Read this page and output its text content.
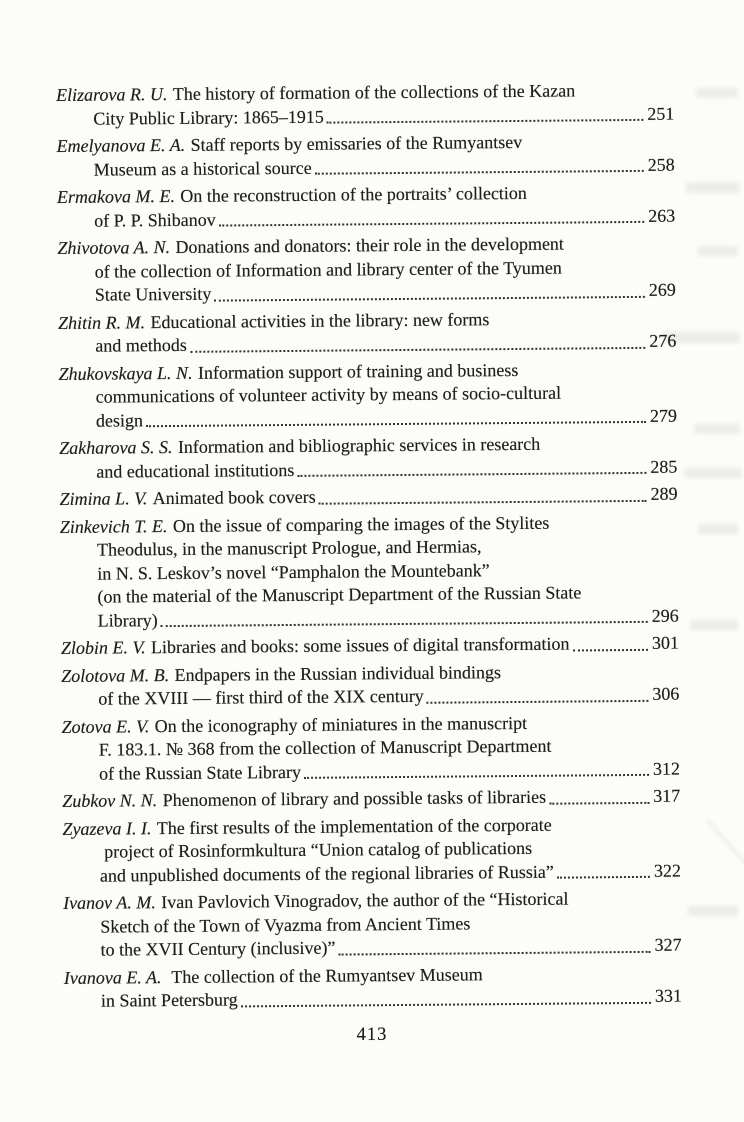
Elizarova R. U. The history of formation of the collections of the Kazan
City Public Library: 1865–1915	251
Emelyanova E. A. Staff reports by emissaries of the Rumyantsev
Museum as a historical source	258
Ermakova M. E. On the reconstruction of the portraits’ collection
of P. P. Shibanov	263
Zhivotova A. N. Donations and donators: their role in the development
of the collection of Information and library center of the Tyumen
State University	269
Zhitin R. M. Educational activities in the library: new forms
and methods	276
Zhukovskaya L. N. Information support of training and business
communications of volunteer activity by means of socio-cultural
design	279
Zakharova S. S. Information and bibliographic services in research
and educational institutions	285
Zimina L. V. Animated book covers	289
Zinkevich T. E. On the issue of comparing the images of the Stylites
Theodulus, in the manuscript Prologue, and Hermias,
in N. S. Leskov’s novel “Pamphalon the Mountebank”
(on the material of the Manuscript Department of the Russian State
Library)	296
Zlobin E. V. Libraries and books: some issues of digital transformation	301
Zolotova M. B. Endpapers in the Russian individual bindings
of the XVIII — first third of the XIX century	306
Zotova E. V. On the iconography of miniatures in the manuscript
F. 183.1. № 368 from the collection of Manuscript Department
of the Russian State Library	312
Zubkov N. N. Phenomenon of library and possible tasks of libraries	317
Zyazeva I. I. The first results of the implementation of the corporate
project of Rosinformkultura “Union catalog of publications
and unpublished documents of the regional libraries of Russia”	322
Ivanov A. M. Ivan Pavlovich Vinogradov, the author of the “Historical
Sketch of the Town of Vyazma from Ancient Times
to the XVII Century (inclusive)”	327
Ivanova E. A. The collection of the Rumyantsev Museum
in Saint Petersburg	331
413
